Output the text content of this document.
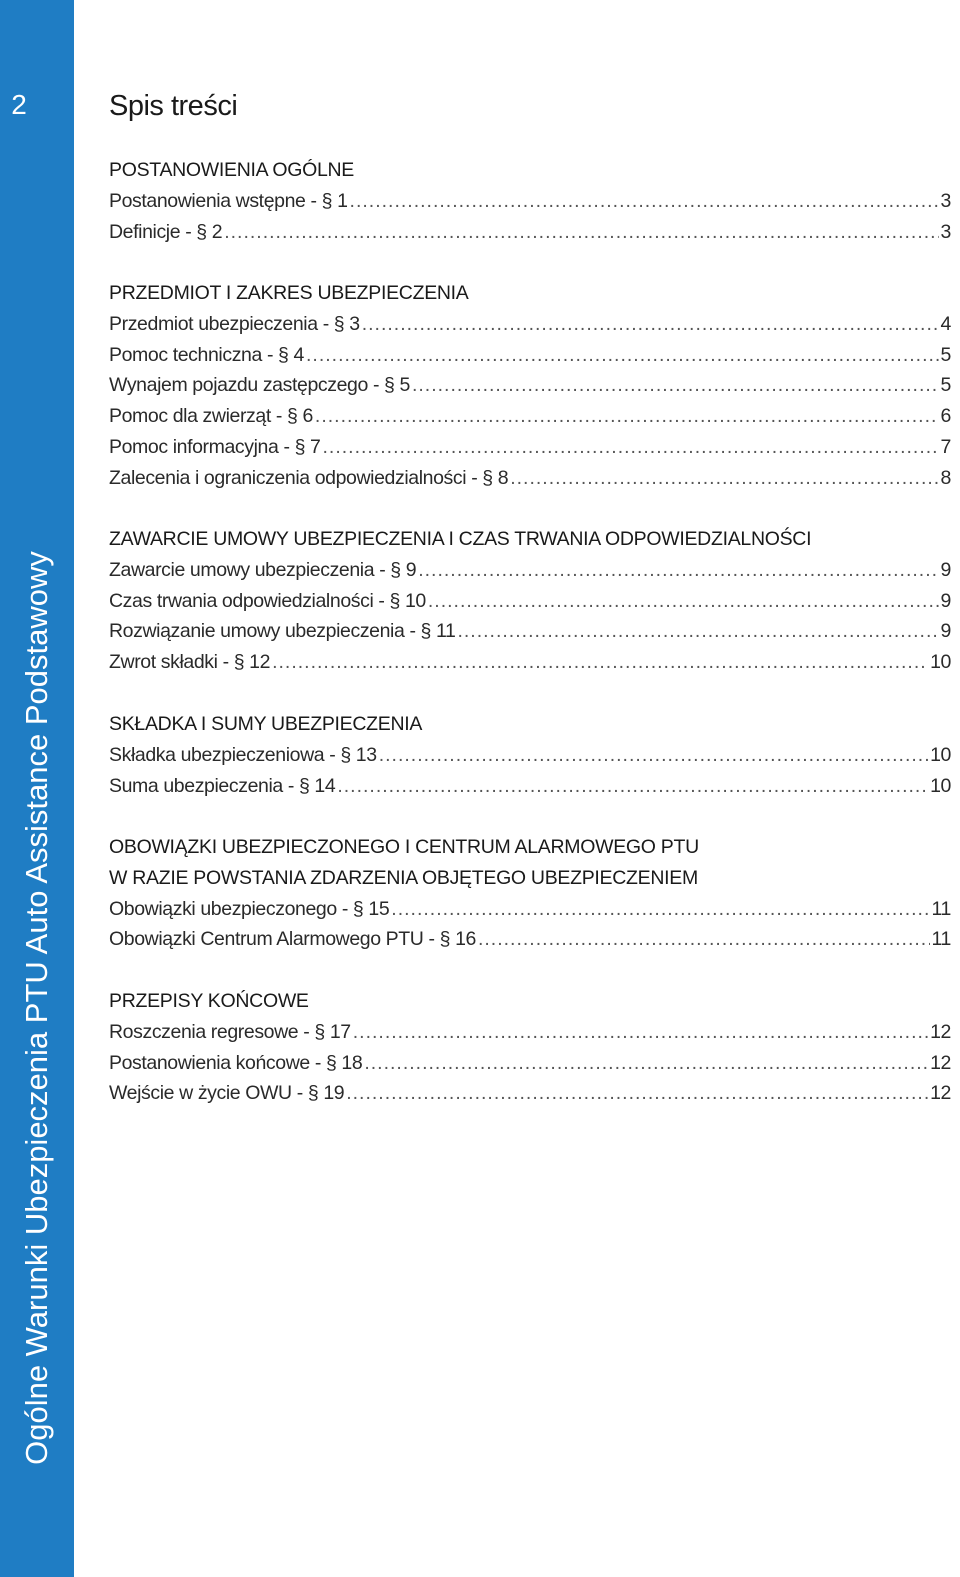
2
Ogólne Warunki Ubezpieczenia PTU Auto Assistance Podstawowy
Spis treści
POSTANOWIENIA OGÓLNE
Postanowienia wstępne - § 1 .....	3
Definicje - § 2 .....	3
PRZEDMIOT I ZAKRES UBEZPIECZENIA
Przedmiot ubezpieczenia - § 3 .....	4
Pomoc techniczna - § 4 .....	5
Wynajem pojazdu zastępczego - § 5 .....	5
Pomoc dla zwierząt - § 6 .....	6
Pomoc informacyjna - § 7 .....	7
Zalecenia i ograniczenia odpowiedzialności - § 8 .....	8
ZAWARCIE UMOWY UBEZPIECZENIA I CZAS TRWANIA ODPOWIEDZIALNOŚCI
Zawarcie umowy ubezpieczenia - § 9 .....	9
Czas trwania odpowiedzialności - § 10 .....	9
Rozwiązanie umowy ubezpieczenia - § 11 .....	9
Zwrot składki - § 12 .....	10
SKŁADKA I SUMY UBEZPIECZENIA
Składka ubezpieczeniowa - § 13 .....	10
Suma ubezpieczenia - § 14 .....	10
OBOWIĄZKI UBEZPIECZONEGO I CENTRUM ALARMOWEGO PTU
W RAZIE POWSTANIA ZDARZENIA OBJĘTEGO UBEZPIECZENIEM
Obowiązki ubezpieczonego - § 15 .....	11
Obowiązki Centrum Alarmowego PTU - § 16 .....	11
PRZEPISY KOŃCOWE
Roszczenia regresowe - § 17 .....	12
Postanowienia końcowe - § 18 .....	12
Wejście w życie OWU - § 19 .....	12
